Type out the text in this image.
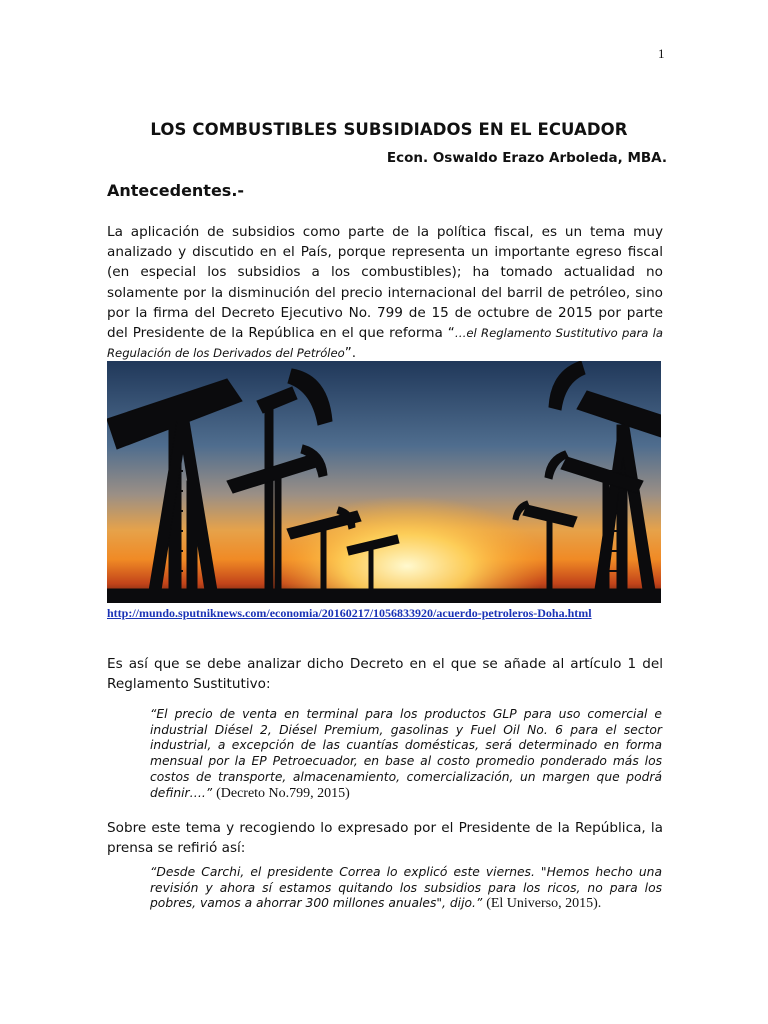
1
LOS COMBUSTIBLES SUBSIDIADOS EN EL ECUADOR
Econ. Oswaldo Erazo Arboleda, MBA.
Antecedentes.-

La aplicación de subsidios como parte de la política fiscal, es un tema muy analizado y discutido en el País, porque representa un importante egreso fiscal (en especial los subsidios a los combustibles); ha tomado actualidad no solamente por la disminución del precio internacional del barril de petróleo, sino por la firma del Decreto Ejecutivo No. 799 de 15 de octubre de 2015 por parte del Presidente de la República en el que reforma “…el Reglamento Sustitutivo para la Regulación de los Derivados del Petróleo”.

http://mundo.sputniknews.com/economia/20160217/1056833920/acuerdo-petroleros-Doha.html

Es así que se debe analizar dicho Decreto en el que se añade al artículo 1 del Reglamento Sustitutivo:

“El precio de venta en terminal para los productos GLP para uso comercial e industrial Diésel 2, Diésel Premium, gasolinas y Fuel Oil No. 6 para el sector industrial, a excepción de las cuantías domésticas, será determinado en forma mensual por la EP Petroecuador, en base al costo promedio ponderado más los costos de transporte, almacenamiento, comercialización, un margen que podrá definir….” (Decreto No.799, 2015)

Sobre este tema y recogiendo lo expresado por el Presidente de la República, la prensa se refirió así:

“Desde Carchi, el presidente Correa lo explicó este viernes. "Hemos hecho una revisión y ahora sí estamos quitando los subsidios para los ricos, no para los pobres, vamos a ahorrar 300 millones anuales", dijo.” (El Universo, 2015).
